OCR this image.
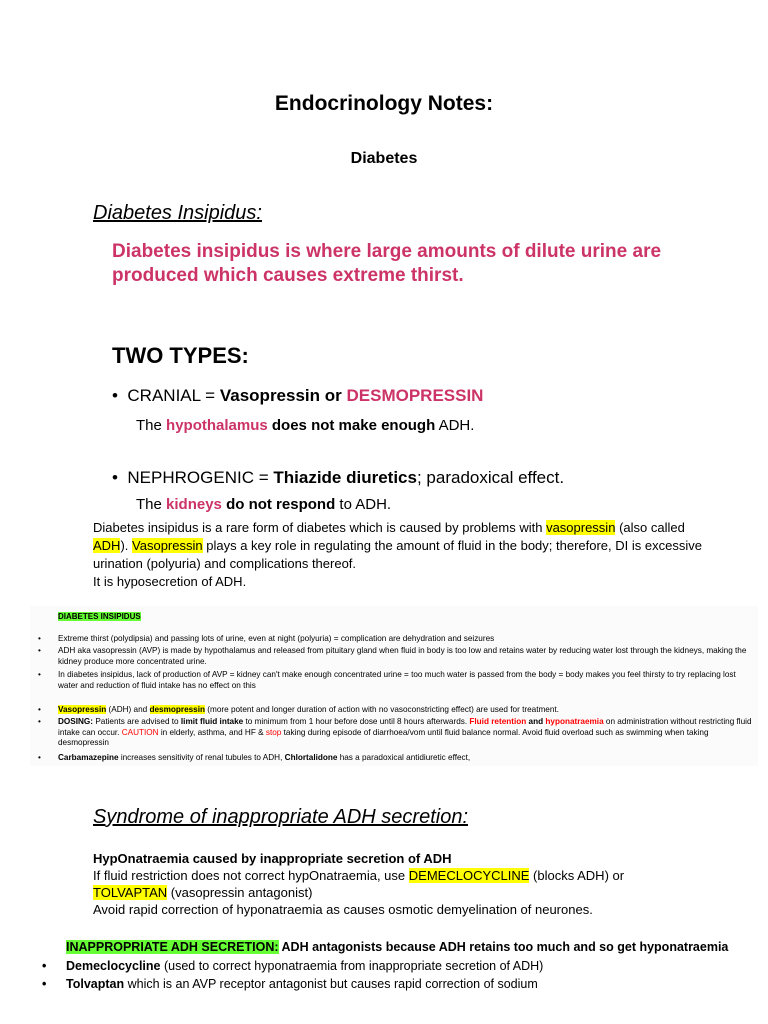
Endocrinology Notes:
Diabetes
Diabetes Insipidus:
Diabetes insipidus is where large amounts of dilute urine are produced which causes extreme thirst.
TWO TYPES:
•  CRANIAL = Vasopressin or DESMOPRESSIN
The hypothalamus does not make enough ADH.
•  NEPHROGENIC = Thiazide diuretics; paradoxical effect.
The kidneys do not respond to ADH.
Diabetes insipidus is a rare form of diabetes which is caused by problems with vasopressin (also called ADH). Vasopressin plays a key role in regulating the amount of fluid in the body; therefore, DI is excessive urination (polyuria) and complications thereof.
It is hyposecretion of ADH.
DIABETES INSIPIDUS
• Extreme thirst (polydipsia) and passing lots of urine, even at night (polyuria) = complication are dehydration and seizures
• ADH aka vasopressin (AVP) is made by hypothalamus and released from pituitary gland when fluid in body is too low and retains water by reducing water lost through the kidneys, making the kidney produce more concentrated urine.
• In diabetes insipidus, lack of production of AVP = kidney can't make enough concentrated urine = too much water is passed from the body = body makes you feel thirsty to try replacing lost water and reduction of fluid intake has no effect on this
• Vasopressin (ADH) and desmopressin (more potent and longer duration of action with no vasoconstricting effect) are used for treatment.
• DOSING: Patients are advised to limit fluid intake to minimum from 1 hour before dose until 8 hours afterwards. Fluid retention and hyponatraemia on administration without restricting fluid intake can occur. CAUTION in elderly, asthma, and HF & stop taking during episode of diarrhoea/vom until fluid balance normal. Avoid fluid overload such as swimming when taking desmopressin
• Carbamazepine increases sensitivity of renal tubules to ADH, Chlortalidone has a paradoxical antidiuretic effect,
Syndrome of inappropriate ADH secretion:
HypOnatraemia caused by inappropriate secretion of ADH
If fluid restriction does not correct hypOnatraemia, use DEMECLOCYCLINE (blocks ADH) or
TOLVAPTAN (vasopressin antagonist)
Avoid rapid correction of hyponatraemia as causes osmotic demyelination of neurones.
INAPPROPRIATE ADH SECRETION: ADH antagonists because ADH retains too much and so get hyponatraemia
• Demeclocycline (used to correct hyponatraemia from inappropriate secretion of ADH)
• Tolvaptan which is an AVP receptor antagonist but causes rapid correction of sodium
